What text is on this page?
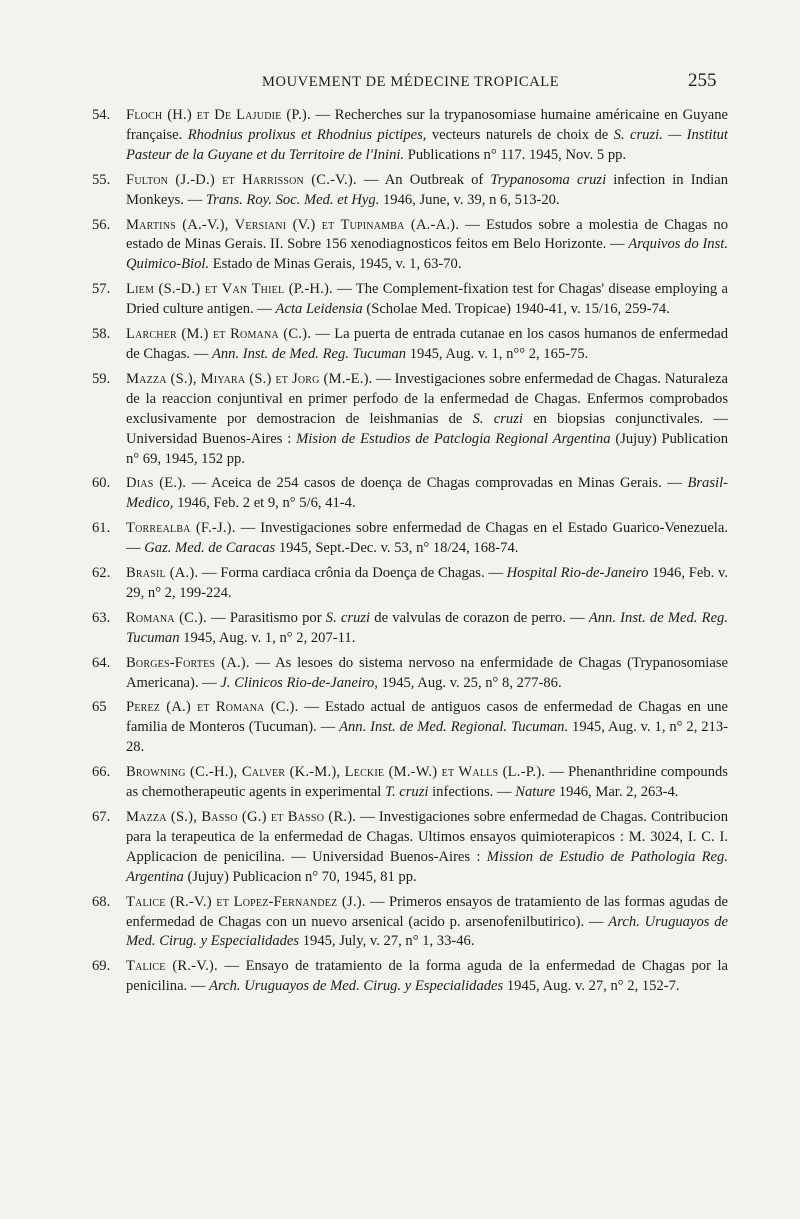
MOUVEMENT DE MÉDECINE TROPICALE	255

54. Floch (H.) et De Lajudie (P.). — Recherches sur la trypanosomiase humaine américaine en Guyane française. Rhodnius prolixus et Rhodnius pictipes, vecteurs naturels de choix de S. cruzi. — Institut Pasteur de la Guyane et du Territoire de l'Inini. Publications n° 117. 1945, Nov. 5 pp.

55. Fulton (J.-D.) et Harrisson (C.-V.). — An Outbreak of Trypanosoma cruzi infection in Indian Monkeys. — Trans. Roy. Soc. Med. et Hyg. 1946, June, v. 39, n 6, 513-20.

56. Martins (A.-V.), Versiani (V.) et Tupinamba (A.-A.). — Estudos sobre a molestia de Chagas no estado de Minas Gerais. II. Sobre 156 xenodiagnosticos feitos em Belo Horizonte. — Arquivos do Inst. Quimico-Biol. Estado de Minas Gerais, 1945, v. 1, 63-70.

57. Liem (S.-D.) et Van Thiel (P.-H.). — The Complement-fixation test for Chagas' disease employing a Dried culture antigen. — Acta Leidensia (Scholae Med. Tropicae) 1940-41, v. 15/16, 259-74.

58. Larcher (M.) et Romana (C.). — La puerta de entrada cutanae en los casos humanos de enfermedad de Chagas. — Ann. Inst. de Med. Reg. Tucuman 1945, Aug. v. 1, n°° 2, 165-75.

59. Mazza (S.), Miyara (S.) et Jorg (M.-E.). — Investigaciones sobre enfermedad de Chagas. Naturaleza de la reaccion conjuntival en primer perfodo de la enfermedad de Chagas. Enfermos comprobados exclusivamente por demostracion de leishmanias de S. cruzi en biopsias conjunctivales. — Universidad Buenos-Aires : Mision de Estudios de Patclogia Regional Argentina (Jujuy) Publication n° 69, 1945, 152 pp.

60. Dias (E.). — Aceica de 254 casos de doença de Chagas comprovadas en Minas Gerais. — Brasil-Medico, 1946, Feb. 2 et 9, n° 5/6, 41-4.

61. Torrealba (F.-J.). — Investigaciones sobre enfermedad de Chagas en el Estado Guarico-Venezuela. — Gaz. Med. de Caracas 1945, Sept.-Dec. v. 53, n° 18/24, 168-74.

62. Brasil (A.). — Forma cardiaca crônia da Doença de Chagas. — Hospital Rio-de-Janeiro 1946, Feb. v. 29, n° 2, 199-224.

63. Romana (C.). — Parasitismo por S. cruzi de valvulas de corazon de perro. — Ann. Inst. de Med. Reg. Tucuman 1945, Aug. v. 1, n° 2, 207-11.

64. Borges-Fortes (A.). — As lesoes do sistema nervoso na enfermidade de Chagas (Trypanosomiase Americana). — J. Clinicos Rio-de-Janeiro, 1945, Aug. v. 25, n° 8, 277-86.

65 Perez (A.) et Romana (C.). — Estado actual de antiguos casos de enfermedad de Chagas en une familia de Monteros (Tucuman). — Ann. Inst. de Med. Regional. Tucuman. 1945, Aug. v. 1, n° 2, 213-28.

66. Browning (C.-H.), Calver (K.-M.), Leckie (M.-W.) et Walls (L.-P.). — Phenanthridine compounds as chemotherapeutic agents in experimental T. cruzi infections. — Nature 1946, Mar. 2, 263-4.

67. Mazza (S.), Basso (G.) et Basso (R.). — Investigaciones sobre enfermedad de Chagas. Contribucion para la terapeutica de la enfermedad de Chagas. Ultimos ensayos quimioterapicos : M. 3024, I. C. I. Applicacion de penicilina. — Universidad Buenos-Aires : Mission de Estudio de Pathologia Reg. Argentina (Jujuy) Publicacion n° 70, 1945, 81 pp.

68. Talice (R.-V.) et Lopez-Fernandez (J.). — Primeros ensayos de tratamiento de las formas agudas de enfermedad de Chagas con un nuevo arsenical (acido p. arsenofenilbutirico). — Arch. Uruguayos de Med. Cirug. y Especialidades 1945, July, v. 27, n° 1, 33-46.

69. Talice (R.-V.). — Ensayo de tratamiento de la forma aguda de la enfermedad de Chagas por la penicilina. — Arch. Uruguayos de Med. Cirug. y Especialidades 1945, Aug. v. 27, n° 2, 152-7.
